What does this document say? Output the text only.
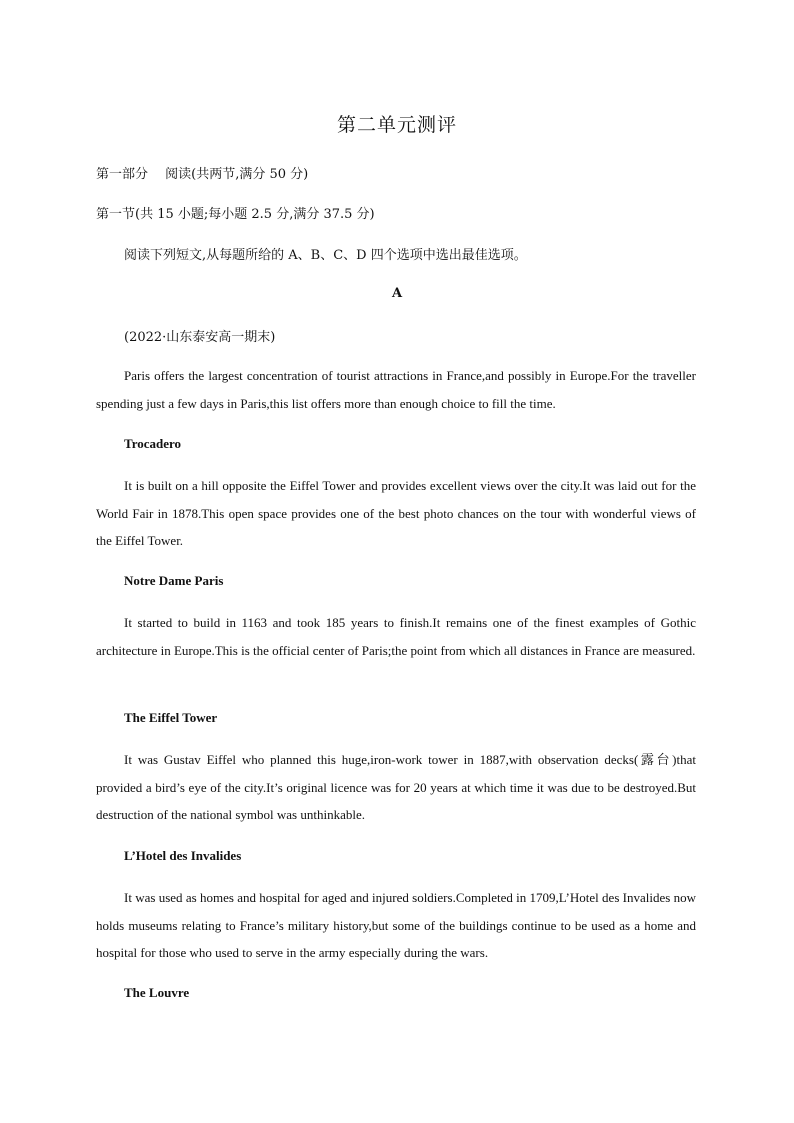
第二单元测评
第一部分　 阅读(共两节,满分 50 分)
第一节(共 15 小题;每小题 2.5 分,满分 37.5 分)
阅读下列短文,从每题所给的 A、B、C、D 四个选项中选出最佳选项。
A
(2022·山东泰安高一期末)
Paris offers the largest concentration of tourist attractions in France,and possibly in Europe.For the traveller spending just a few days in Paris,this list offers more than enough choice to fill the time.
Trocadero
It is built on a hill opposite the Eiffel Tower and provides excellent views over the city.It was laid out for the World Fair in 1878.This open space provides one of the best photo chances on the tour with wonderful views of the Eiffel Tower.
Notre Dame Paris
It started to build in 1163 and took 185 years to finish.It remains one of the finest examples of Gothic architecture in Europe.This is the official center of Paris;the point from which all distances in France are measured.
The Eiffel Tower
It was Gustav Eiffel who planned this huge,iron-work tower in 1887,with observation decks(露台)that provided a bird’s eye of the city.It’s original licence was for 20 years at which time it was due to be destroyed.But destruction of the national symbol was unthinkable.
L’Hotel des Invalides
It was used as homes and hospital for aged and injured soldiers.Completed in 1709,L’Hotel des Invalides now holds museums relating to France’s military history,but some of the buildings continue to be used as a home and hospital for those who used to serve in the army especially during the wars.
The Louvre
